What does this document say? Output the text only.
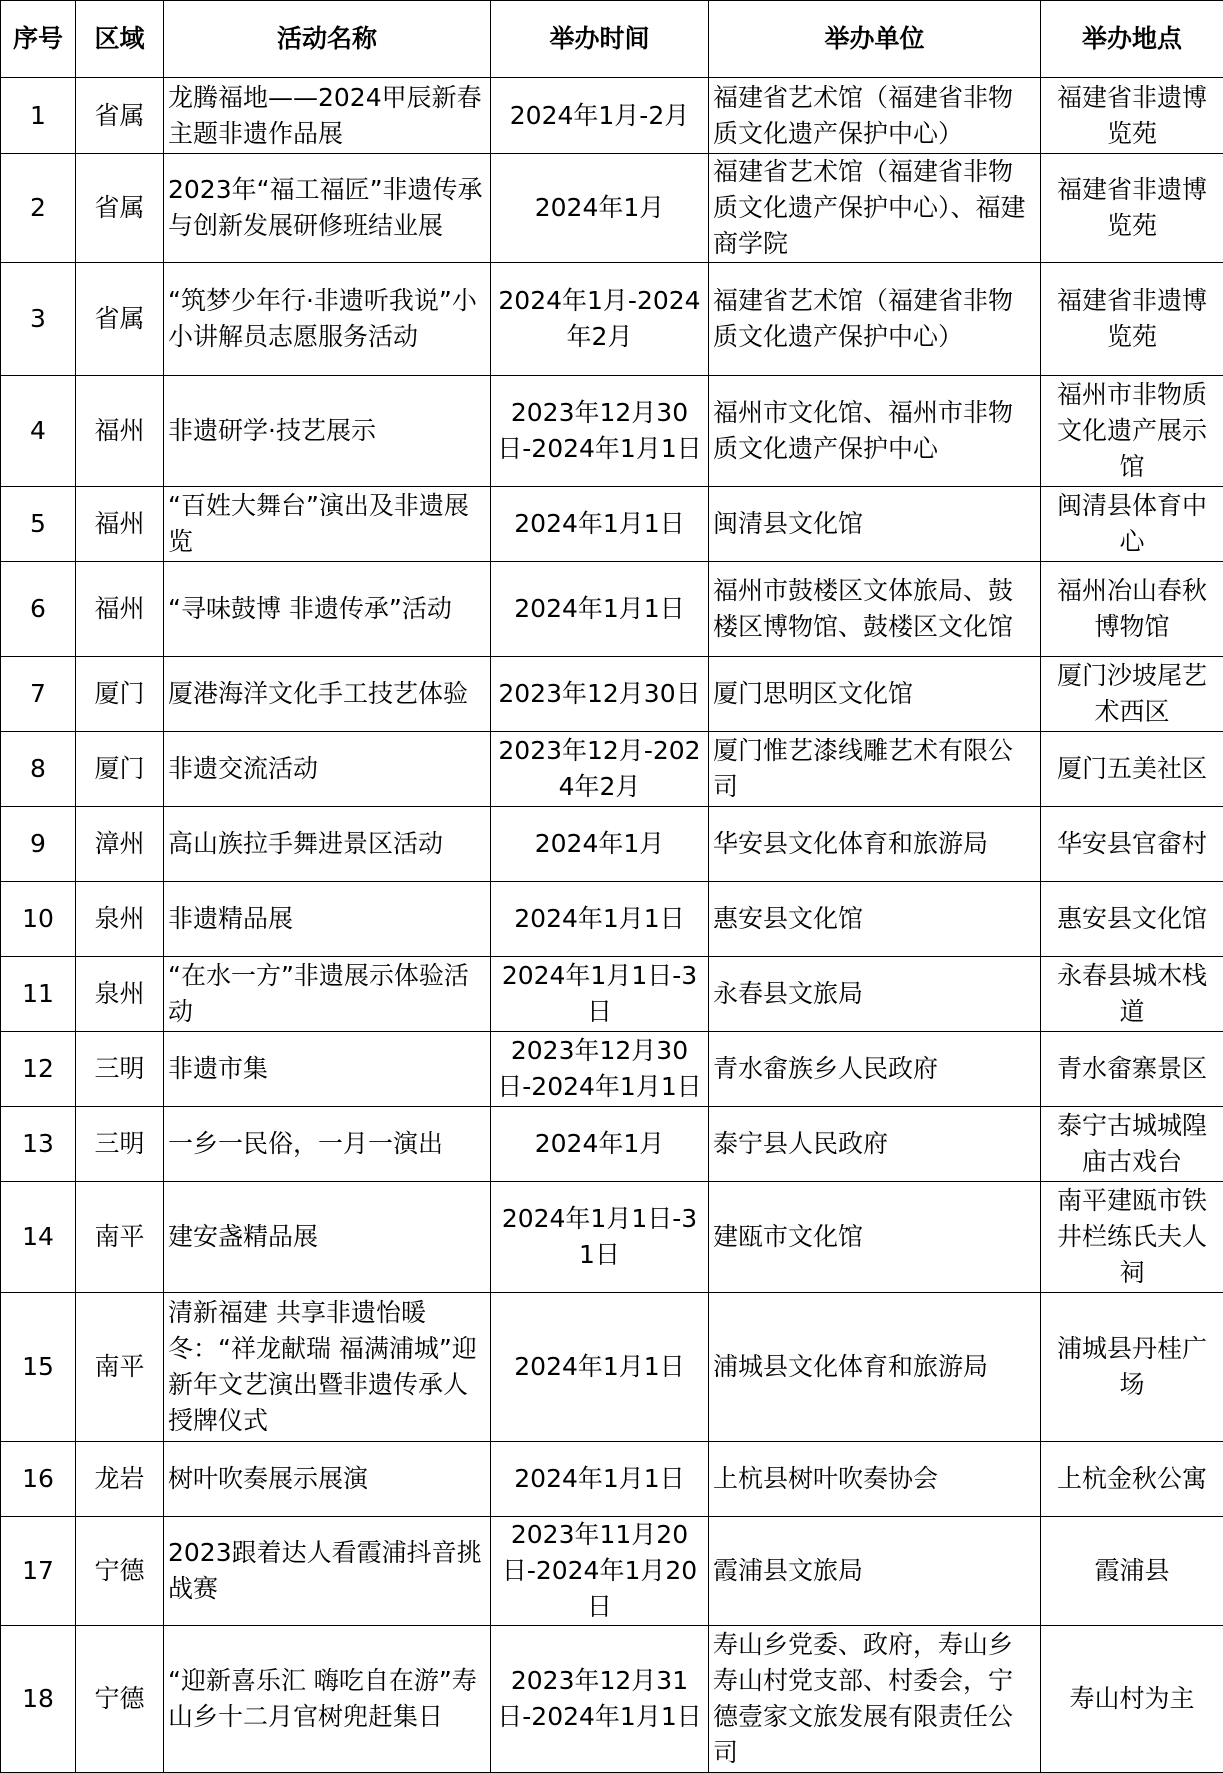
序号	区域	活动名称	举办时间	举办单位	举办地点
1	省属	龙腾福地——2024甲辰新春主题非遗作品展	2024年1月-2月	福建省艺术馆（福建省非物质文化遗产保护中心）	福建省非遗博览苑
2	省属	2023年“福工福匠”非遗传承与创新发展研修班结业展	2024年1月	福建省艺术馆（福建省非物质文化遗产保护中心）、福建商学院	福建省非遗博览苑
3	省属	“筑梦少年行·非遗听我说”小小讲解员志愿服务活动	2024年1月-2024年2月	福建省艺术馆（福建省非物质文化遗产保护中心）	福建省非遗博览苑
4	福州	非遗研学·技艺展示	2023年12月30日-2024年1月1日	福州市文化馆、福州市非物质文化遗产保护中心	福州市非物质文化遗产展示馆
5	福州	“百姓大舞台”演出及非遗展览	2024年1月1日	闽清县文化馆	闽清县体育中心
6	福州	“寻味鼓博 非遗传承”活动	2024年1月1日	福州市鼓楼区文体旅局、鼓楼区博物馆、鼓楼区文化馆	福州冶山春秋博物馆
7	厦门	厦港海洋文化手工技艺体验	2023年12月30日	厦门思明区文化馆	厦门沙坡尾艺术西区
8	厦门	非遗交流活动	2023年12月-2024年2月	厦门惟艺漆线雕艺术有限公司	厦门五美社区
9	漳州	高山族拉手舞进景区活动	2024年1月	华安县文化体育和旅游局	华安县官畲村
10	泉州	非遗精品展	2024年1月1日	惠安县文化馆	惠安县文化馆
11	泉州	“在水一方”非遗展示体验活动	2024年1月1日-3日	永春县文旅局	永春县城木栈道
12	三明	非遗市集	2023年12月30日-2024年1月1日	青水畲族乡人民政府	青水畲寨景区
13	三明	一乡一民俗，一月一演出	2024年1月	泰宁县人民政府	泰宁古城城隍庙古戏台
14	南平	建安盏精品展	2024年1月1日-31日	建瓯市文化馆	南平建瓯市铁井栏练氏夫人祠
15	南平	清新福建 共享非遗怡暖冬：“祥龙献瑞 福满浦城”迎新年文艺演出暨非遗传承人授牌仪式	2024年1月1日	浦城县文化体育和旅游局	浦城县丹桂广场
16	龙岩	树叶吹奏展示展演	2024年1月1日	上杭县树叶吹奏协会	上杭金秋公寓
17	宁德	2023跟着达人看霞浦抖音挑战赛	2023年11月20日-2024年1月20日	霞浦县文旅局	霞浦县
18	宁德	“迎新喜乐汇 嗨吃自在游”寿山乡十二月官树兜赶集日	2023年12月31日-2024年1月1日	寿山乡党委、政府，寿山乡寿山村党支部、村委会，宁德壹家文旅发展有限责任公司	寿山村为主
